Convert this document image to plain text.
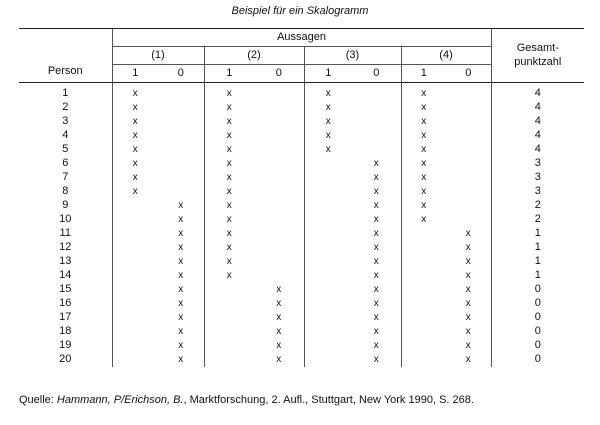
Beispiel für ein Skalogramm
Person	Aussagen								Gesamt-
punktzahl
	(1)		(2)		(3)		(4)		
	1	0	1	0	1	0	1	0	
1	x		x		x		x		4
2	x		x		x		x		4
3	x		x		x		x		4
4	x		x		x		x		4
5	x		x		x		x		4
6	x		x			x	x		3
7	x		x			x	x		3
8	x		x			x	x		3
9		x	x			x	x		2
10		x	x			x	x		2
11		x	x			x		x	1
12		x	x			x		x	1
13		x	x			x		x	1
14		x	x			x		x	1
15		x		x		x		x	0
16		x		x		x		x	0
17		x		x		x		x	0
18		x		x		x		x	0
19		x		x		x		x	0
20		x		x		x		x	0
Quelle: Hammann, P/Erichson, B., Marktforschung, 2. Aufl., Stuttgart, New York 1990, S. 268.
